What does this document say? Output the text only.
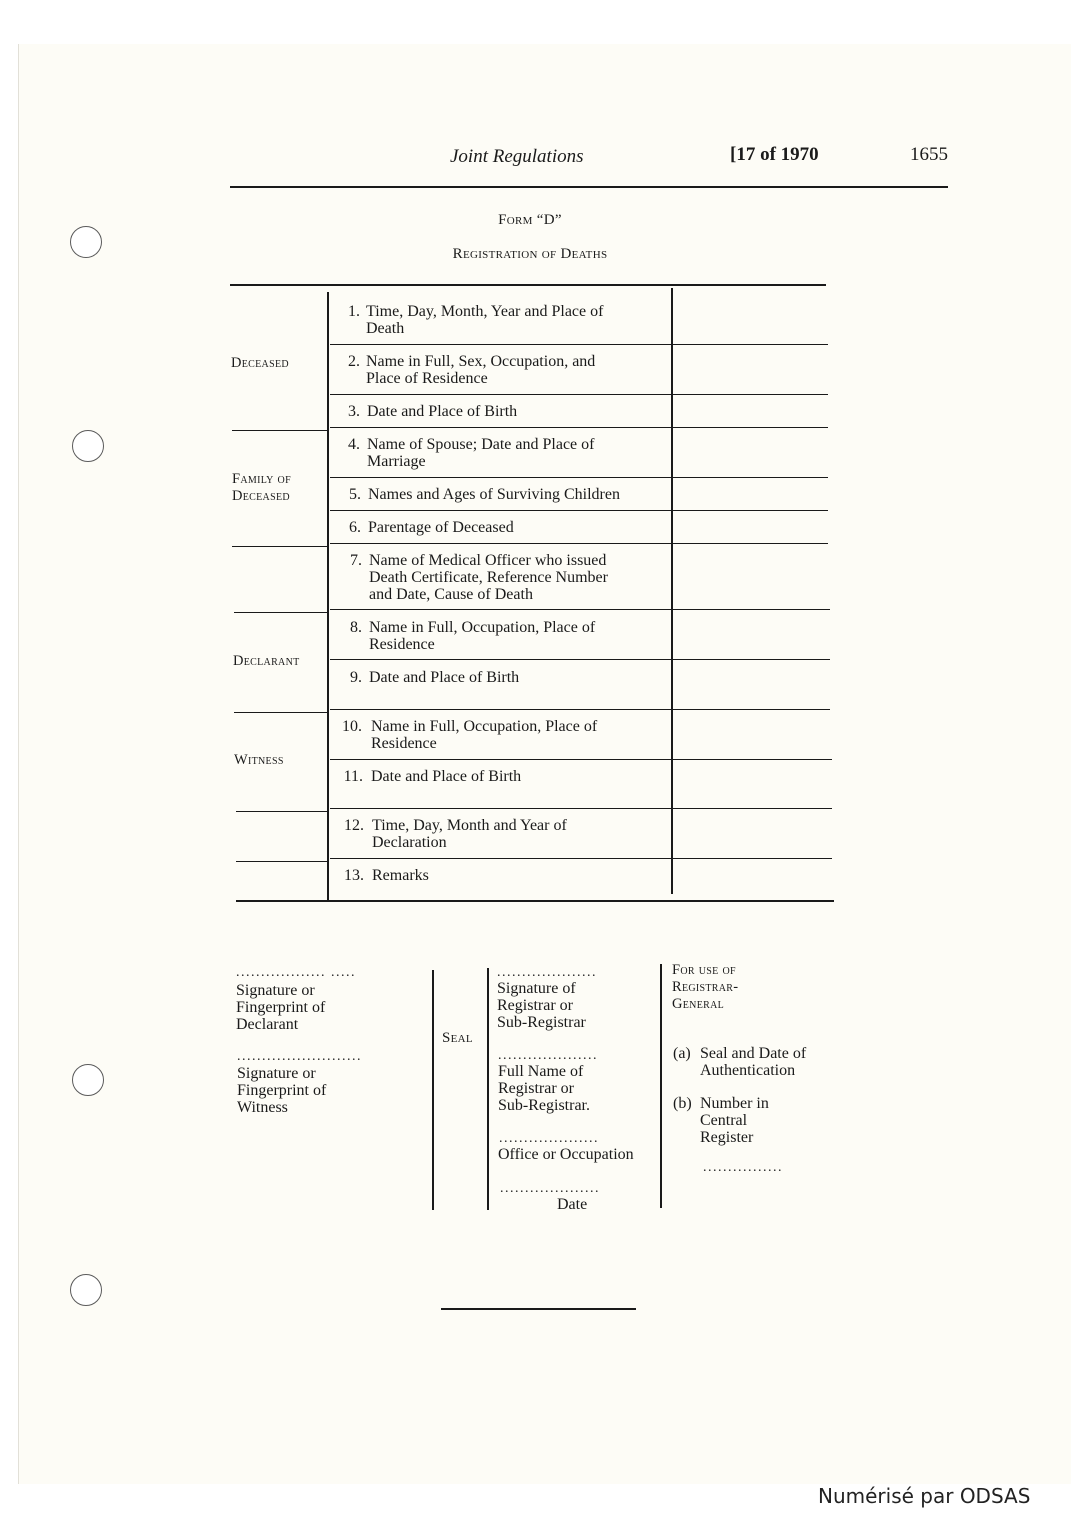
Joint Regulations	[17 of 1970	1655
Form “D”
Registration of Deaths
Deceased
Family of
Deceased
Declarant
Witness
1. Time, Day, Month, Year and Place of
Death
2. Name in Full, Sex, Occupation, and
Place of Residence
3. Date and Place of Birth
4. Name of Spouse; Date and Place of
Marriage
5. Names and Ages of Surviving Children
6. Parentage of Deceased
7. Name of Medical Officer who issued
Death Certificate, Reference Number
and Date, Cause of Death
8. Name in Full, Occupation, Place of
Residence
9. Date and Place of Birth
10. Name in Full, Occupation, Place of
Residence
11. Date and Place of Birth
12. Time, Day, Month and Year of
Declaration
13. Remarks
.................. .....
Signature or
Fingerprint of
Declarant
.........................
Signature or
Fingerprint of
Witness
Seal
....................
Signature of
Registrar or
Sub-Registrar
....................
Full Name of
Registrar or
Sub-Registrar.
....................
Office or Occupation
....................
Date
For use of
Registrar-
General
(a) Seal and Date of
Authentication
(b) Number in
Central
Register
................
Numérisé par ODSAS
